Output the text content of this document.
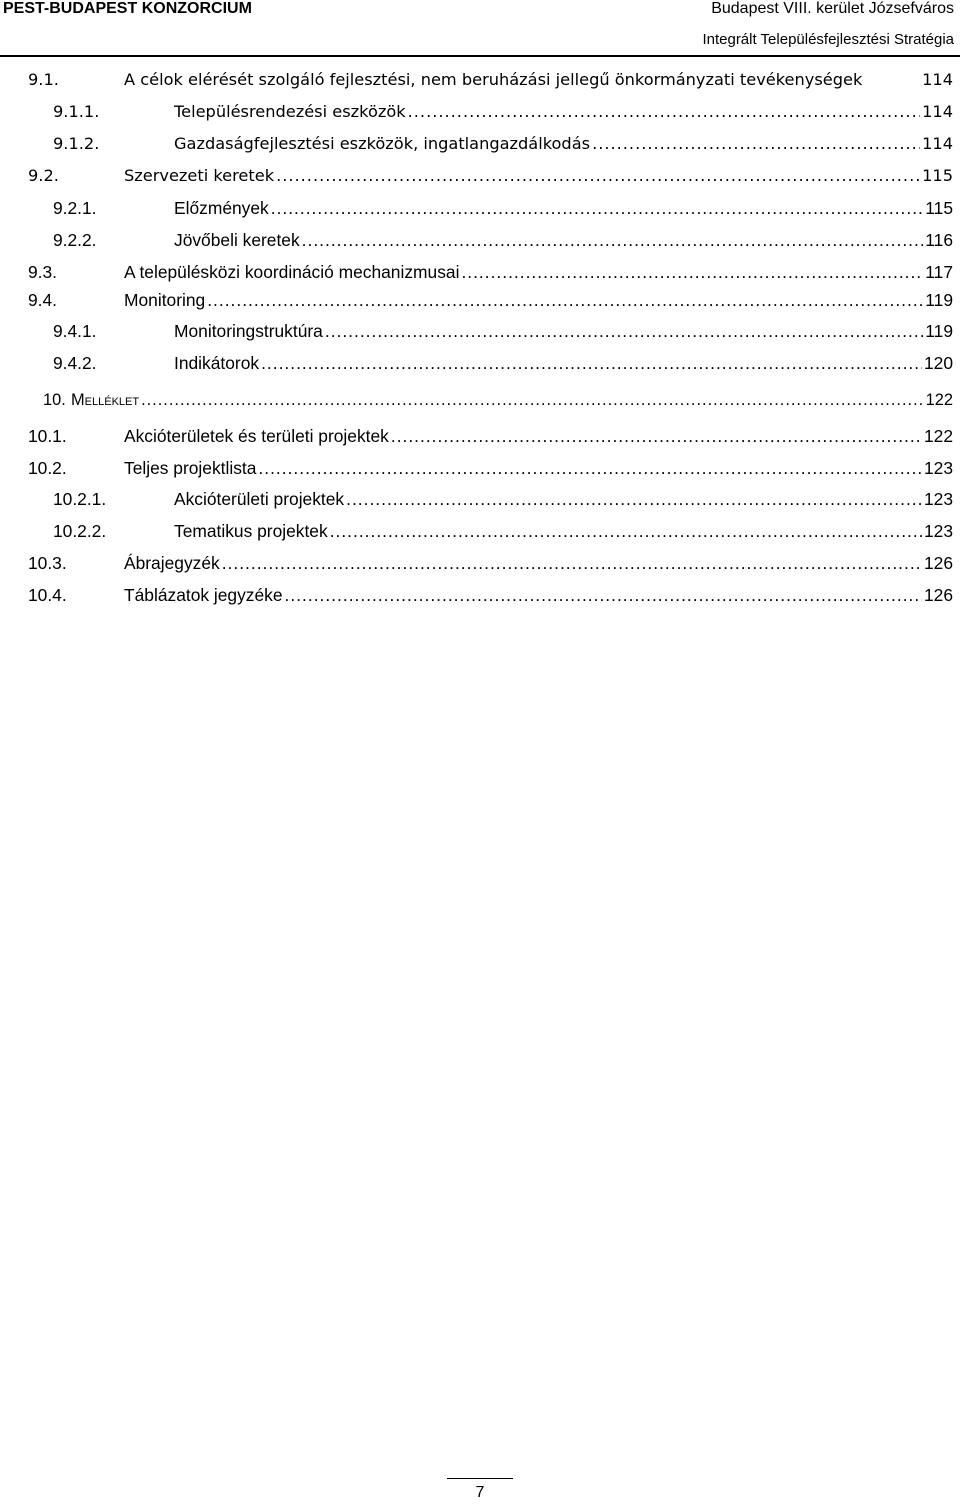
PEST-BUDAPEST KONZORCIUM	Budapest VIII. kerület Józsefváros
Integrált Településfejlesztési Stratégia
9.1.	A célok elérését szolgáló fejlesztési, nem beruházási jellegű önkormányzati tevékenységek	114
9.1.1.	Településrendezési eszközök .....	114
9.1.2.	Gazdaságfejlesztési eszközök, ingatlangazdálkodás .....	114
9.2.	Szervezeti keretek .....	115
9.2.1.	Előzmények .....	115
9.2.2.	Jövőbeli keretek .....	116
9.3.	A településközi koordináció mechanizmusai .....	117
9.4.	Monitoring .....	119
9.4.1.	Monitoringstruktúra .....	119
9.4.2.	Indikátorok .....	120
10. Melléklet .....	122
10.1.	Akcióterületek és területi projektek .....	122
10.2.	Teljes projektlista .....	123
10.2.1.	Akcióterületi projektek .....	123
10.2.2.	Tematikus projektek .....	123
10.3.	Ábrajegyzék .....	126
10.4.	Táblázatok jegyzéke .....	126
7
